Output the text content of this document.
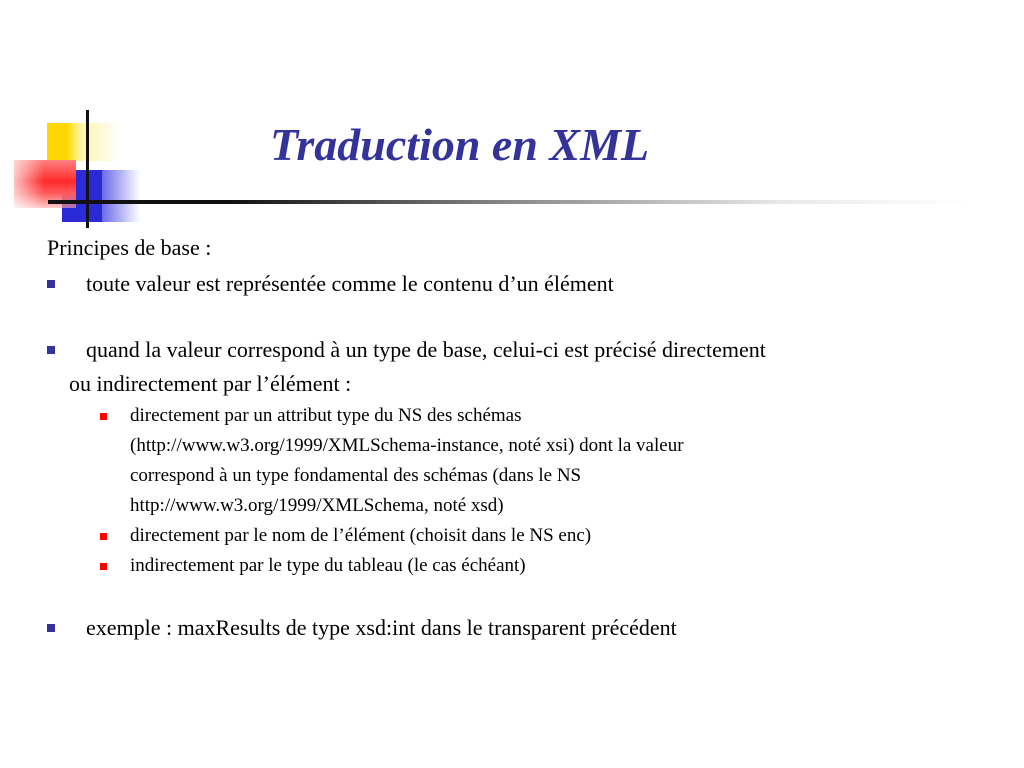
Traduction en XML
Principes de base :
toute valeur est représentée comme le contenu d’un élément
quand la valeur correspond à un type de base, celui-ci est précisé directement
ou indirectement par l’élément :
directement par un attribut type du NS des schémas
(http://www.w3.org/1999/XMLSchema-instance, noté xsi) dont la valeur
correspond à un type fondamental des schémas (dans le NS
http://www.w3.org/1999/XMLSchema, noté xsd)
directement par le nom de l’élément (choisit dans le NS enc)
indirectement par le type du tableau (le cas échéant)
exemple : maxResults de type xsd:int dans le transparent précédent
